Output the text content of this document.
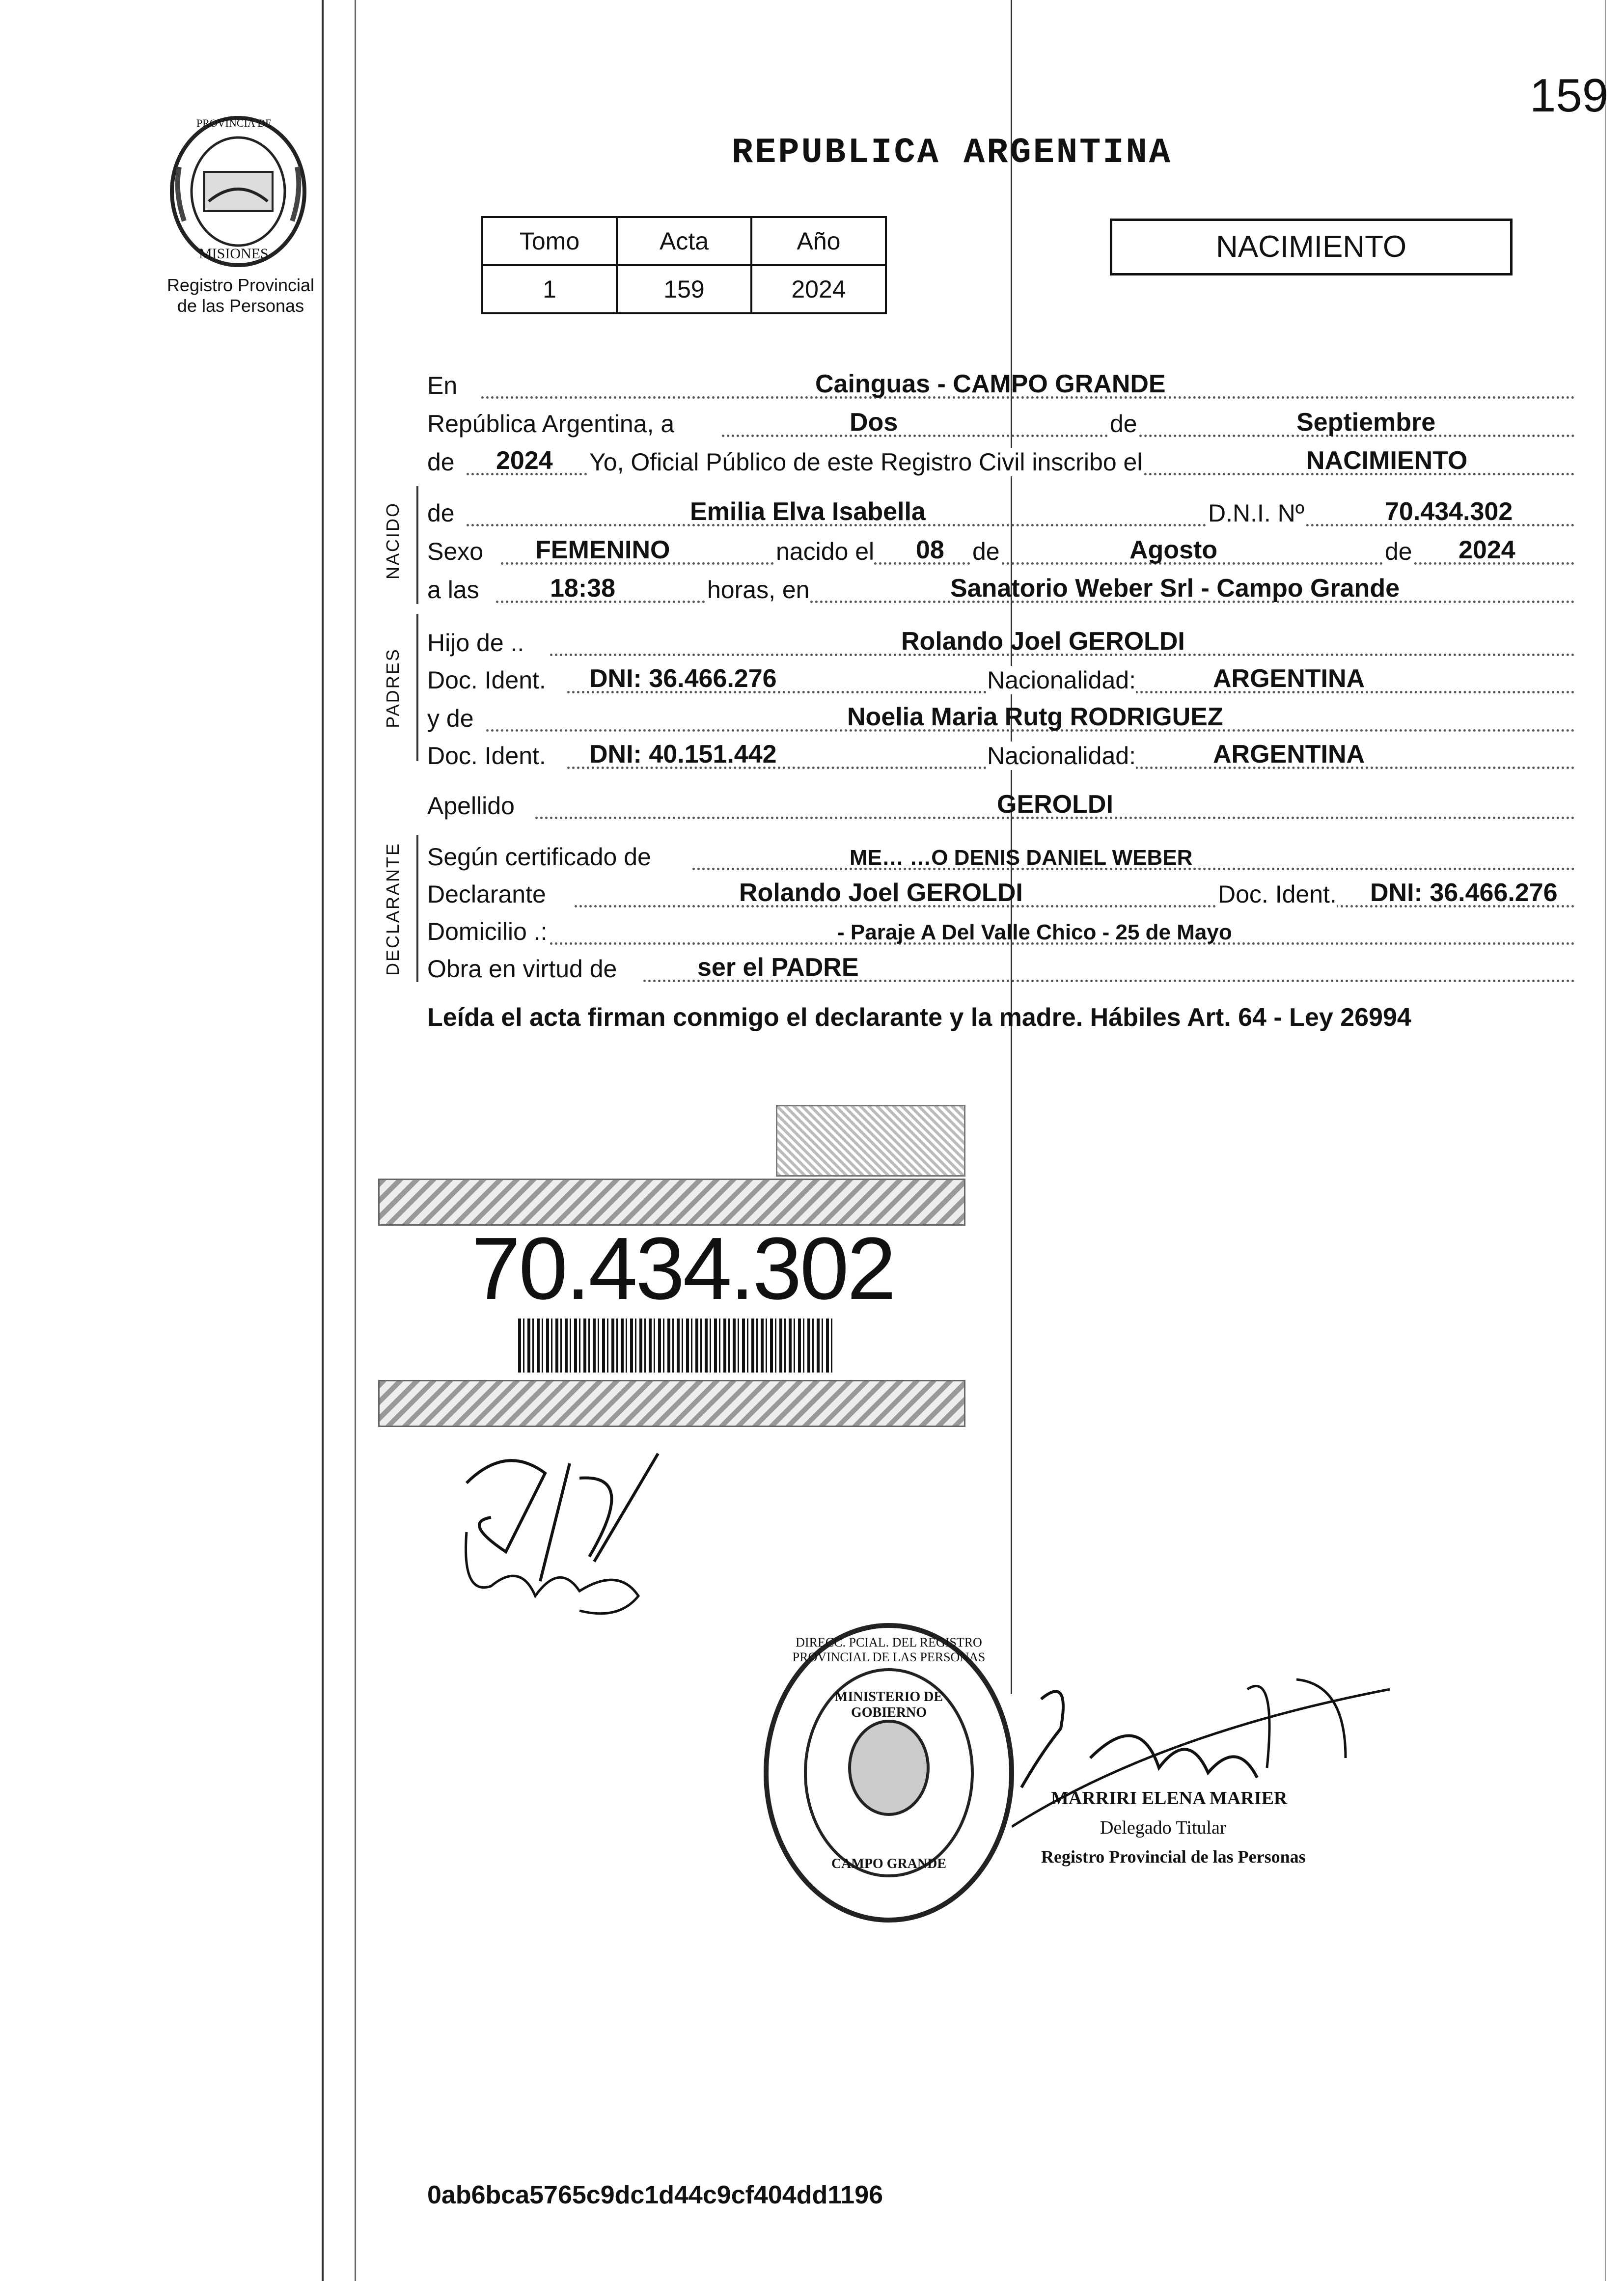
159
PROVINCIA DE
MISIONES
Registro Provincial
de las Personas
REPUBLICA ARGENTINA
Tomo	Acta	Año
1	159	2024
NACIMIENTO
En	Cainguas - CAMPO GRANDE
República Argentina, a	Dos	de	Septiembre
de 2024 Yo, Oficial Público de este Registro Civil inscribo el	NACIMIENTO
NACIDO de	Emilia Elva Isabella	D.N.I. Nº	70.434.302
Sexo FEMENINO	nacido el 08 de	Agosto	de 2024
a las	18:38	horas, en	Sanatorio Weber Srl - Campo Grande
PADRES
Hijo de ..	Rolando Joel GEROLDI
Doc. Ident. DNI: 36.466.276	Nacionalidad:	ARGENTINA
y de	Noelia Maria Rutg RODRIGUEZ
Doc. Ident. DNI: 40.151.442	Nacionalidad:	ARGENTINA
Apellido	GEROLDI
DECLARANTE Según certificado de	ME… …O DENIS DANIEL WEBER
Declarante	Rolando Joel GEROLDI	Doc. Ident. DNI: 36.466.276
Domicilio .:	- Paraje A Del Valle Chico - 25 de Mayo
Obra en virtud de	ser el PADRE
Leída el acta firman conmigo el declarante y la madre. Hábiles Art. 64 - Ley 26994
70.434.302
DIRECC. PCIAL. DEL REGISTRO PROVINCIAL DE LAS PERSONAS
MINISTERIO DE GOBIERNO
CAMPO GRANDE
MARRIRI ELENA MARIER
Delegado Titular
Registro Provincial de las Personas
0ab6bca5765c9dc1d44c9cf404dd1196
